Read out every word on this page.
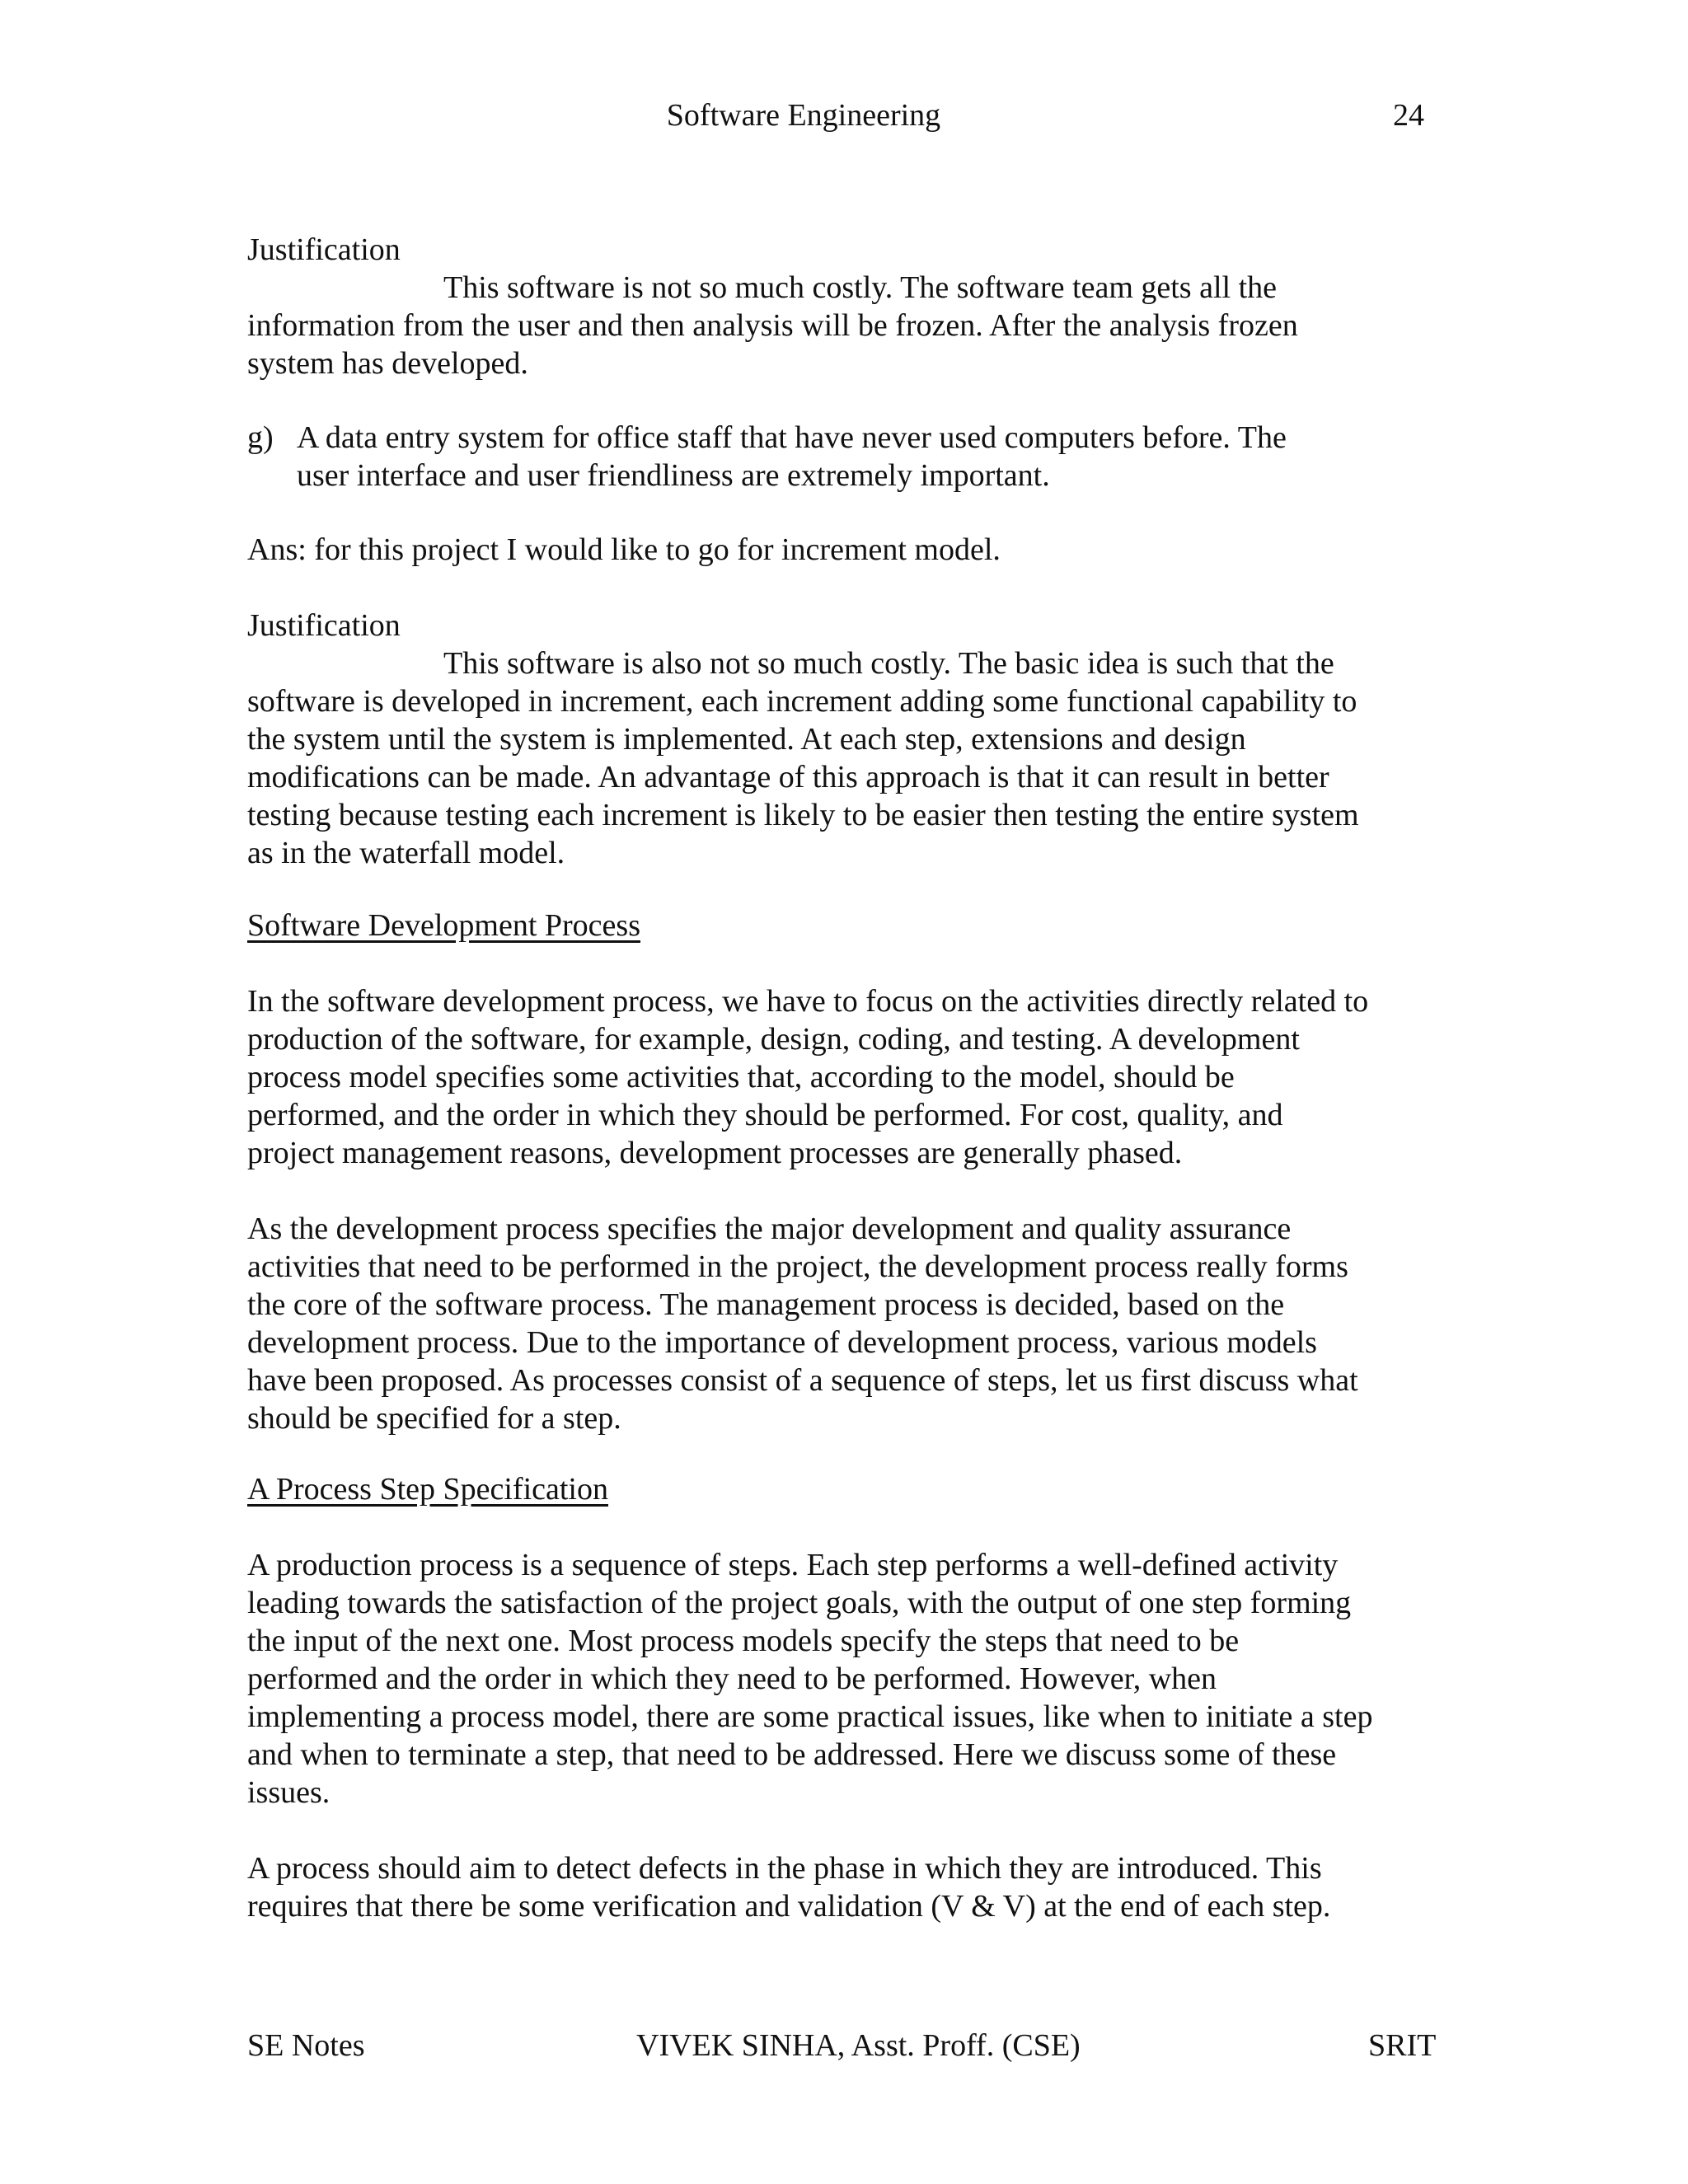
Software Engineering	24
Justification
This software is not so much costly. The software team gets all the
information from the user and then analysis will be frozen. After the analysis frozen
system has developed.
g) A data entry system for office staff that have never used computers before. The
user interface and user friendliness are extremely important.
Ans: for this project I would like to go for increment model.
Justification
This software is also not so much costly. The basic idea is such that the
software is developed in increment, each increment adding some functional capability to
the system until the system is implemented. At each step, extensions and design
modifications can be made. An advantage of this approach is that it can result in better
testing because testing each increment is likely to be easier then testing the entire system
as in the waterfall model.
Software Development Process
In the software development process, we have to focus on the activities directly related to
production of the software, for example, design, coding, and testing. A development
process model specifies some activities that, according to the model, should be
performed, and the order in which they should be performed. For cost, quality, and
project management reasons, development processes are generally phased.
As the development process specifies the major development and quality assurance
activities that need to be performed in the project, the development process really forms
the core of the software process. The management process is decided, based on the
development process. Due to the importance of development process, various models
have been proposed. As processes consist of a sequence of steps, let us first discuss what
should be specified for a step.
A Process Step Specification
A production process is a sequence of steps. Each step performs a well-defined activity
leading towards the satisfaction of the project goals, with the output of one step forming
the input of the next one. Most process models specify the steps that need to be
performed and the order in which they need to be performed. However, when
implementing a process model, there are some practical issues, like when to initiate a step
and when to terminate a step, that need to be addressed. Here we discuss some of these
issues.
A process should aim to detect defects in the phase in which they are introduced. This
requires that there be some verification and validation (V & V) at the end of each step.
SE Notes	VIVEK SINHA, Asst. Proff. (CSE)	SRIT
